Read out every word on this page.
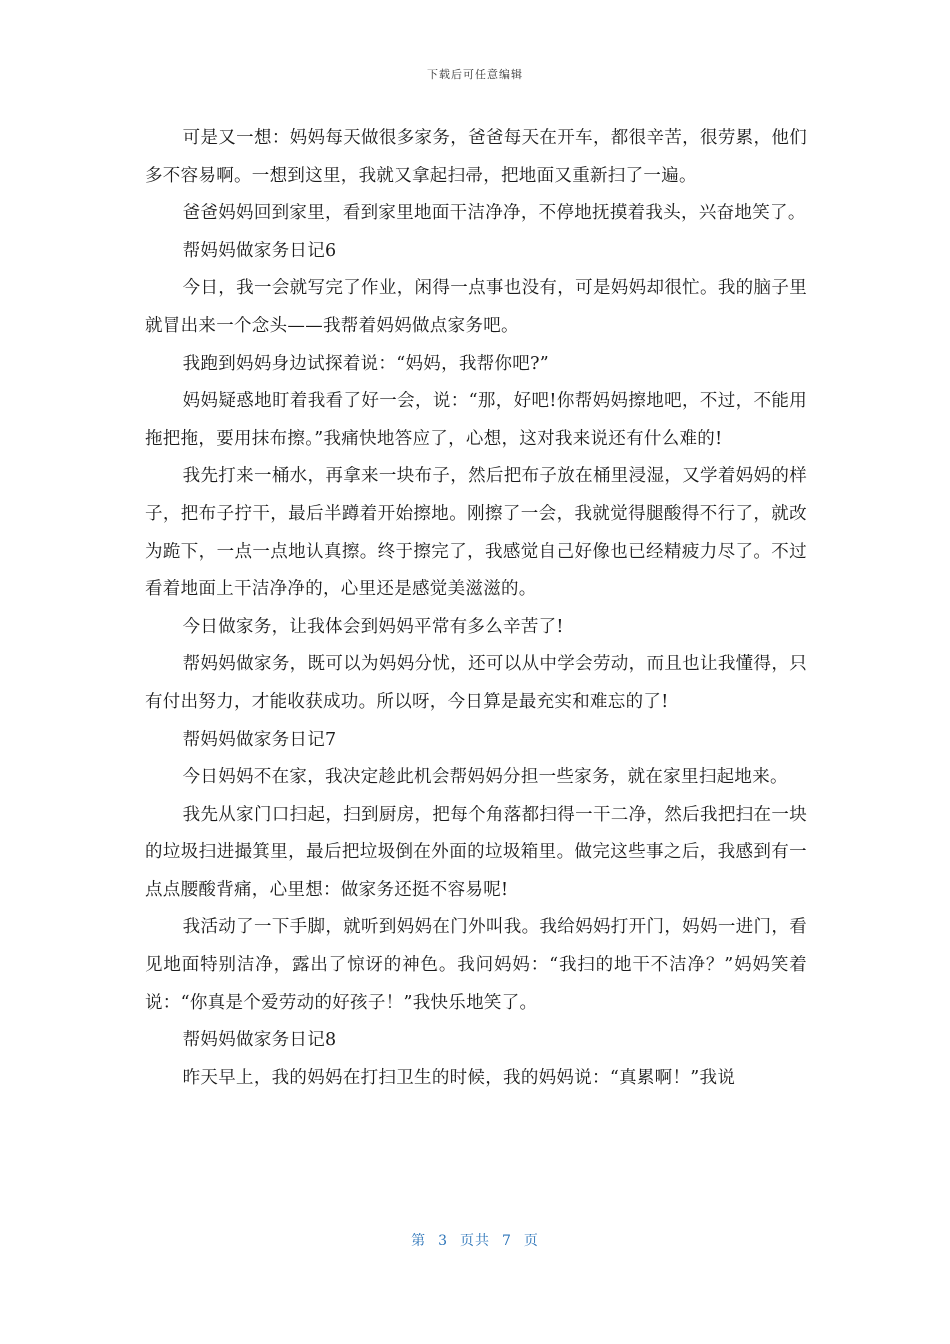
下载后可任意编辑

可是又一想：妈妈每天做很多家务，爸爸每天在开车，都很辛苦，很劳累，他们多不容易啊。一想到这里，我就又拿起扫帚，把地面又重新扫了一遍。

爸爸妈妈回到家里，看到家里地面干洁净净，不停地抚摸着我头，兴奋地笑了。

帮妈妈做家务日记6

今日，我一会就写完了作业，闲得一点事也没有，可是妈妈却很忙。我的脑子里就冒出来一个念头——我帮着妈妈做点家务吧。

我跑到妈妈身边试探着说：“妈妈，我帮你吧?”

妈妈疑惑地盯着我看了好一会，说：“那，好吧!你帮妈妈擦地吧，不过，不能用拖把拖，要用抹布擦。”我痛快地答应了，心想，这对我来说还有什么难的!

我先打来一桶水，再拿来一块布子，然后把布子放在桶里浸湿，又学着妈妈的样子，把布子拧干，最后半蹲着开始擦地。刚擦了一会，我就觉得腿酸得不行了，就改为跪下，一点一点地认真擦。终于擦完了，我感觉自己好像也已经精疲力尽了。不过看着地面上干洁净净的，心里还是感觉美滋滋的。

今日做家务，让我体会到妈妈平常有多么辛苦了!

帮妈妈做家务，既可以为妈妈分忧，还可以从中学会劳动，而且也让我懂得，只有付出努力，才能收获成功。所以呀，今日算是最充实和难忘的了!

帮妈妈做家务日记7

今日妈妈不在家，我决定趁此机会帮妈妈分担一些家务，就在家里扫起地来。

我先从家门口扫起，扫到厨房，把每个角落都扫得一干二净，然后我把扫在一块的垃圾扫进撮箕里，最后把垃圾倒在外面的垃圾箱里。做完这些事之后，我感到有一点点腰酸背痛，心里想：做家务还挺不容易呢!

我活动了一下手脚，就听到妈妈在门外叫我。我给妈妈打开门，妈妈一进门，看见地面特别洁净，露出了惊讶的神色。我问妈妈：“我扫的地干不洁净？”妈妈笑着说：“你真是个爱劳动的好孩子！”我快乐地笑了。

帮妈妈做家务日记8

昨天早上，我的妈妈在打扫卫生的时候，我的妈妈说：“真累啊！”我说

第 3 页共 7 页
